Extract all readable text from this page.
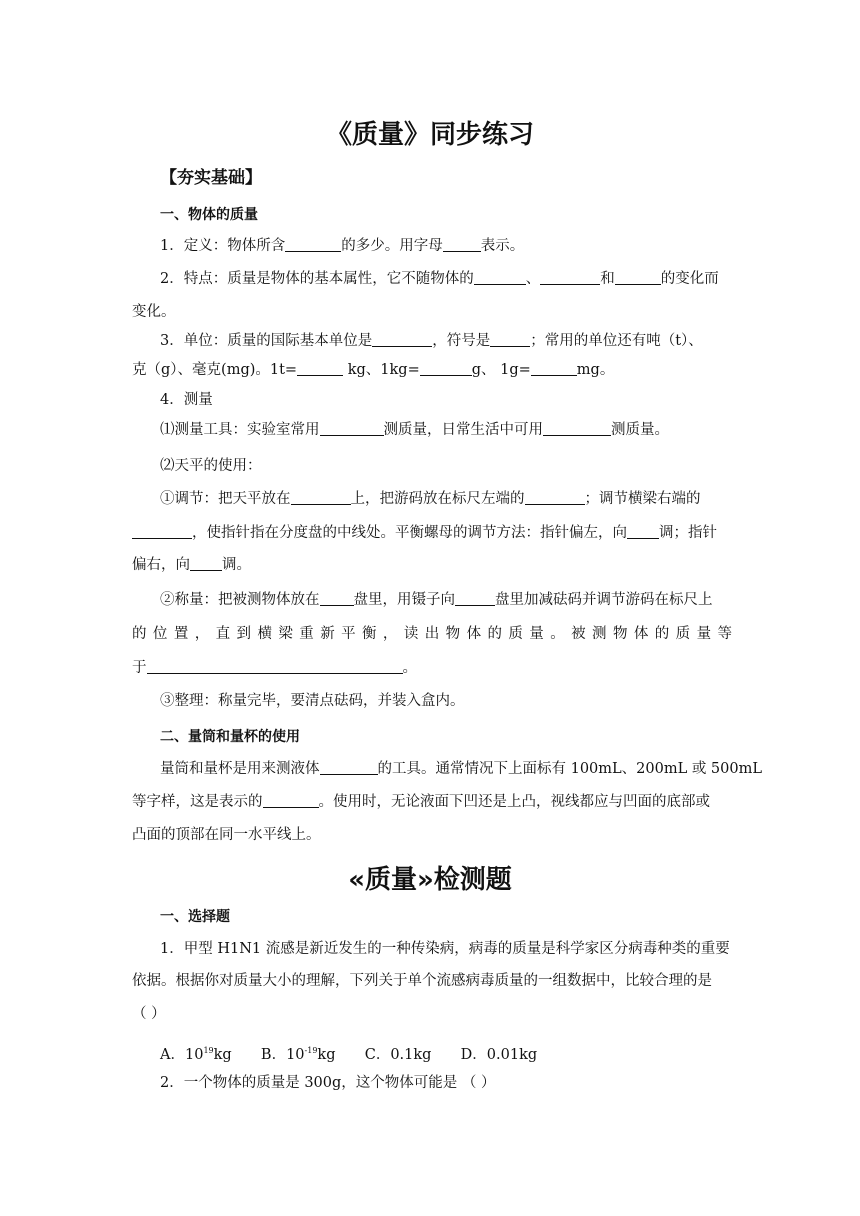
《质量》同步练习
【夯实基础】
一、物体的质量
1．定义：物体所含	的多少。用字母	表示。
2．特点：质量是物体的基本属性，它不随物体的	、	和	的变化而
变化。
3．单位：质量的国际基本单位是	，符号是	；常用的单位还有吨（t）、
克（g）、毫克(mg)。1t=	kg、1kg=	g、 1g=	mg。
4．测量
⑴测量工具：实验室常用	测质量，日常生活中可用	测质量。
⑵天平的使用：
①调节：把天平放在	上，把游码放在标尺左端的	；调节横梁右端的
，使指针指在分度盘的中线处。平衡螺母的调节方法：指针偏左，向 调；指针
偏右，向 调。
②称量：把被测物体放在 盘里，用镊子向	盘里加减砝码并调节游码在标尺上
的位置，直到横梁重新平衡，读出物体的质量。被测物体的质量等
于	。
③整理：称量完毕，要清点砝码，并装入盒内。
二、量筒和量杯的使用
量筒和量杯是用来测液体	的工具。通常情况下上面标有 100mL、200mL 或 500mL
等字样，这是表示的	。使用时，无论液面下凹还是上凸，视线都应与凹面的底部或
凸面的顶部在同一水平线上。
«质量»检测题
一、选择题
1．甲型 H1N1 流感是新近发生的一种传染病，病毒的质量是科学家区分病毒种类的重要
依据。根据你对质量大小的理解，下列关于单个流感病毒质量的一组数据中，比较合理的是
（ ）
A．$10^{19}kg$ B．$10^{-19}kg$ C．0.1kg D．0.01kg
2．一个物体的质量是 300g，这个物体可能是 （ ）
